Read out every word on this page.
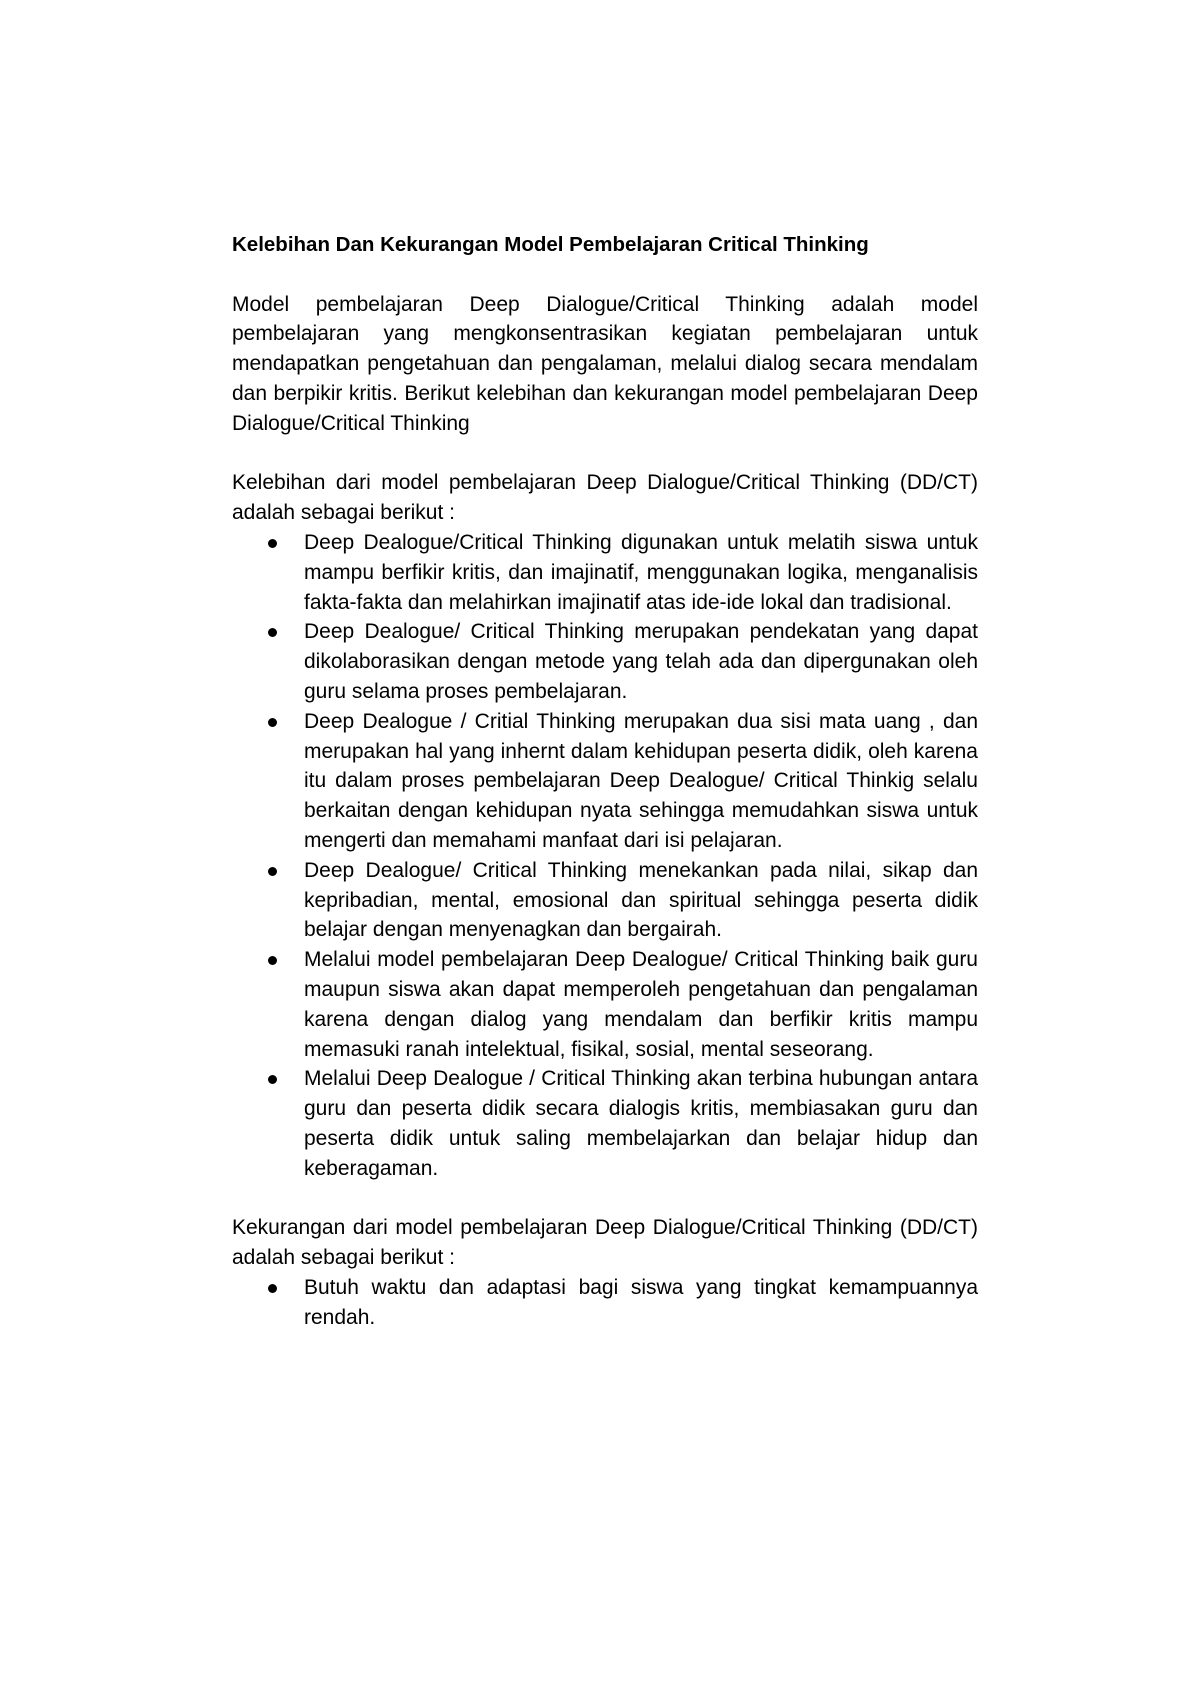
Kelebihan Dan Kekurangan Model Pembelajaran Critical Thinking

Model pembelajaran Deep Dialogue/Critical Thinking adalah model pembelajaran yang mengkonsentrasikan kegiatan pembelajaran untuk mendapatkan pengetahuan dan pengalaman, melalui dialog secara mendalam dan berpikir kritis. Berikut kelebihan dan kekurangan model pembelajaran Deep Dialogue/Critical Thinking

Kelebihan dari model pembelajaran Deep Dialogue/Critical Thinking (DD/CT) adalah sebagai berikut :

Deep Dealogue/Critical Thinking digunakan untuk melatih siswa untuk mampu berfikir kritis, dan imajinatif, menggunakan logika, menganalisis fakta-fakta dan melahirkan imajinatif atas ide-ide lokal dan tradisional.
Deep Dealogue/ Critical Thinking merupakan pendekatan yang dapat dikolaborasikan dengan metode yang telah ada dan dipergunakan oleh guru selama proses pembelajaran.
Deep Dealogue / Critial Thinking merupakan dua sisi mata uang , dan merupakan hal yang inhernt dalam kehidupan peserta didik, oleh karena itu dalam proses pembelajaran Deep Dealogue/ Critical Thinkig selalu berkaitan dengan kehidupan nyata sehingga memudahkan siswa untuk mengerti dan memahami manfaat dari isi pelajaran.
Deep Dealogue/ Critical Thinking menekankan pada nilai, sikap dan kepribadian, mental, emosional dan spiritual sehingga peserta didik belajar dengan menyenagkan dan bergairah.
Melalui model pembelajaran Deep Dealogue/ Critical Thinking baik guru maupun siswa akan dapat memperoleh pengetahuan dan pengalaman karena dengan dialog yang mendalam dan berfikir kritis mampu memasuki ranah intelektual, fisikal, sosial, mental seseorang.
Melalui Deep Dealogue / Critical Thinking akan terbina hubungan antara guru dan peserta didik secara dialogis kritis, membiasakan guru dan peserta didik untuk saling membelajarkan dan belajar hidup dan keberagaman.

Kekurangan dari model pembelajaran Deep Dialogue/Critical Thinking (DD/CT) adalah sebagai berikut :

Butuh waktu dan adaptasi bagi siswa yang tingkat kemampuannya rendah.
